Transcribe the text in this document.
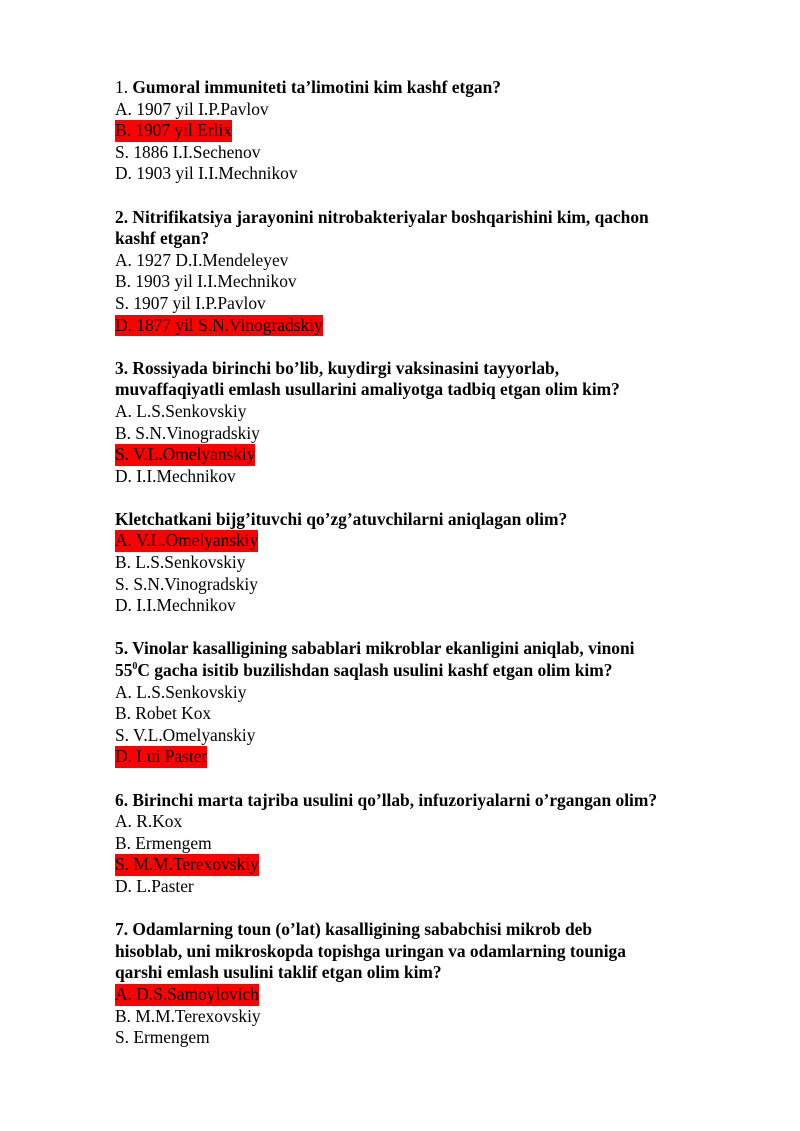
1. Gumoral immuniteti ta’limotini kim kashf etgan?

A. 1907 yil I.P.Pavlov

B. 1907 yil Erlix

S. 1886 I.I.Sechenov

D. 1903 yil I.I.Mechnikov

2. Nitrifikatsiya jarayonini nitrobakteriyalar boshqarishini kim, qachon
kashf etgan?

A. 1927 D.I.Mendeleyev

B. 1903 yil I.I.Mechnikov

S. 1907 yil I.P.Pavlov

D. 1877 yil S.N.Vinogradskiy

3. Rossiyada birinchi bo’lib, kuydirgi vaksinasini tayyorlab,
muvaffaqiyatli emlash usullarini amaliyotga tadbiq etgan olim kim?

A. L.S.Senkovskiy

B. S.N.Vinogradskiy

S. V.L.Omelyanskiy

D. I.I.Mechnikov

Kletchatkani bijg’ituvchi qo’zg’atuvchilarni aniqlagan olim?

A. V.L.Omelyanskiy

B. L.S.Senkovskiy

S. S.N.Vinogradskiy

D. I.I.Mechnikov

5. Vinolar kasalligining sabablari mikroblar ekanligini aniqlab, vinoni
$55^0C$ gacha isitib buzilishdan saqlash usulini kashf etgan olim kim?

A. L.S.Senkovskiy

B. Robet Kox

S. V.L.Omelyanskiy

D. Lui Paster

6. Birinchi marta tajriba usulini qo’llab, infuzoriyalarni o’rgangan olim?

A. R.Kox

B. Ermengem

S. M.M.Terexovskiy

D. L.Paster

7. Odamlarning toun (o’lat) kasalligining sababchisi mikrob deb
hisoblab, uni mikroskopda topishga uringan va odamlarning touniga
qarshi emlash usulini taklif etgan olim kim?

A. D.S.Samoylovich

B. M.M.Terexovskiy

S. Ermengem
